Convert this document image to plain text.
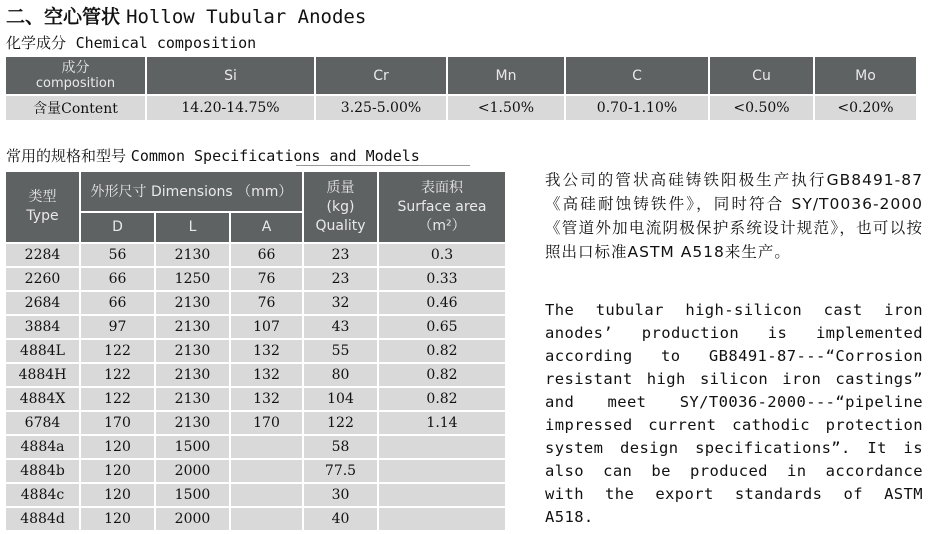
二、空心管状 Hollow Tubular Anodes
化学成分 Chemical composition
成分
composition	Si	Cr	Mn	C	Cu	Mo
含量Content	14.20-14.75%	3.25-5.00%	<1.50%	0.70-1.10%	<0.50%	<0.20%
常用的规格和型号 Common Specifications and Models
类型
Type	外形尺寸 Dimensions （mm）			质量
(kg)
Quality	表面积
Surface area
（m²）

	D	L	A		
2284	56	2130	66	23	0.3
2260	66	1250	76	23	0.33
2684	66	2130	76	32	0.46
3884	97	2130	107	43	0.65
4884L	122	2130	132	55	0.82
4884H	122	2130	132	80	0.82
4884X	122	2130	132	104	0.82
6784	170	2130	170	122	1.14
4884a	120	1500		58	
4884b	120	2000		77.5	
4884c	120	1500		30	
4884d	120	2000		40	
我公司的管状高硅铸铁阳极生产执行GB8491-87《高硅耐蚀铸铁件》，同时符合 SY/T0036-2000《管道外加电流阴极保护系统设计规范》，也可以按照出口标准ASTM A518来生产。
The tubular high-silicon cast iron anodes’ production is implemented according to GB8491-87---“Corrosion resistant high silicon iron castings” and meet SY/T0036-2000---“pipeline impressed current cathodic protection system design specifications”. It is also can be produced in accordance with the export standards of ASTM A518.
